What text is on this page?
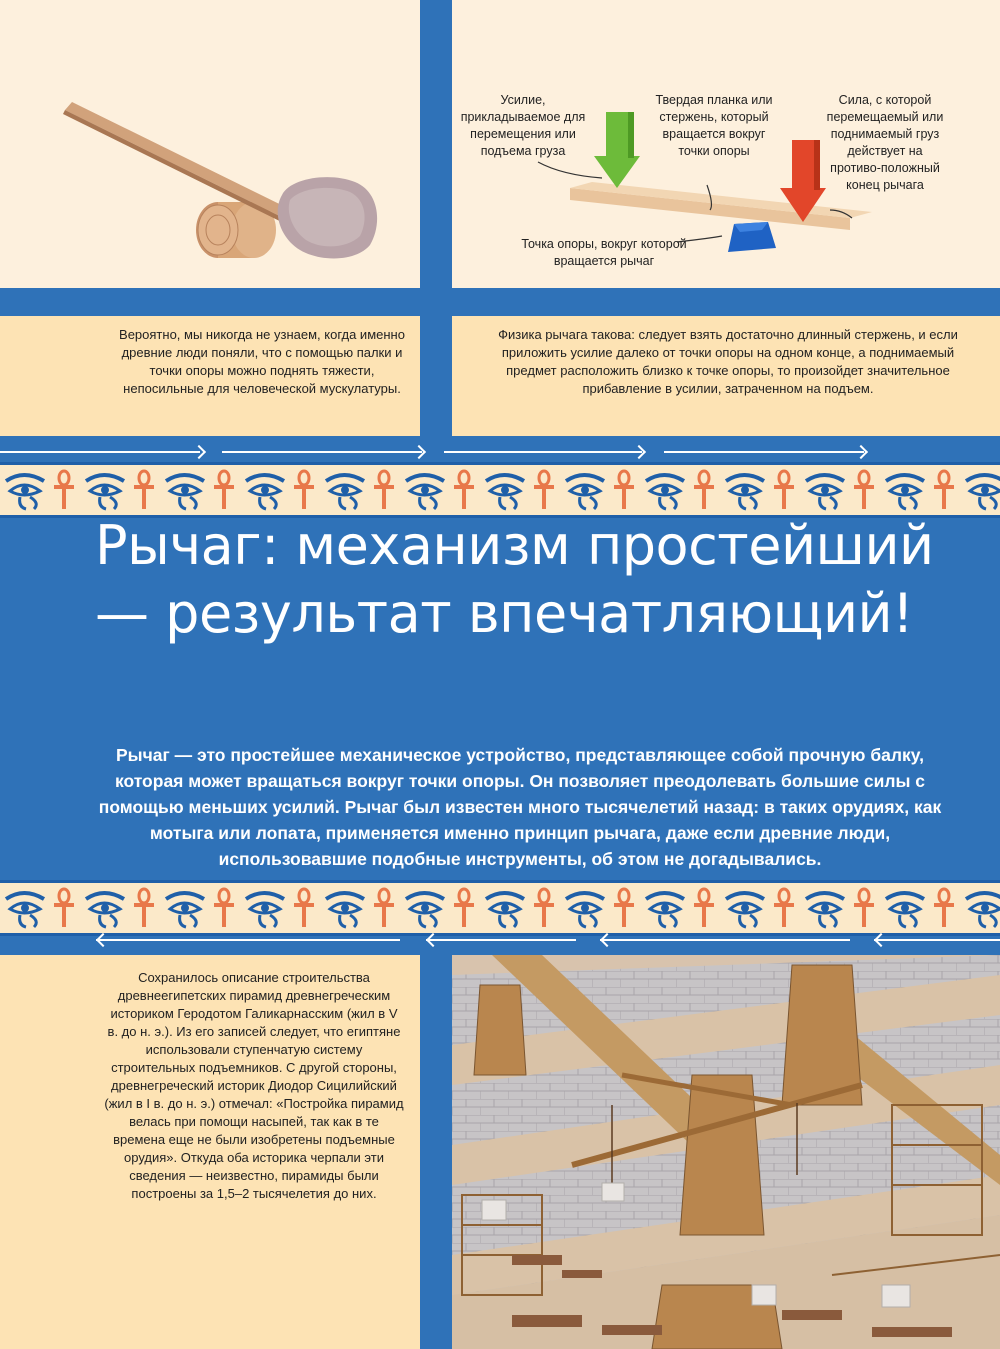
Усилие, прикладываемое для перемещения или подъема груза
Твердая планка или стержень, который вращается вокруг точки опоры
Сила, с которой перемещаемый или поднимаемый груз действует на противо-положный конец рычага
Точка опоры, вокруг которой вращается рычаг
Вероятно, мы никогда не узнаем, когда именно древние люди поняли, что с помощью палки и точки опоры можно поднять тяжести, непосильные для человеческой мускулатуры.
Физика рычага такова: следует взять достаточно длинный стержень, и если приложить усилие далеко от точки опоры на одном конце, а поднимаемый предмет расположить близко к точке опоры, то произойдет значительное прибавление в усилии, затраченном на подъем.
Рычаг: механизм простейший — результат впечатляющий!
Рычаг — это простейшее механическое устройство, представляющее собой прочную балку, которая может вращаться вокруг точки опоры. Он позволяет преодолевать большие силы с помощью меньших усилий. Рычаг был известен много тысячелетий назад: в таких орудиях, как мотыга или лопата, применяется именно принцип рычага, даже если древние люди, использовавшие подобные инструменты, об этом не догадывались.
Сохранилось описание строительства древнеегипетских пирамид древнегреческим историком Геродотом Галикарнасским (жил в V в. до н. э.). Из его записей следует, что египтяне использовали ступенчатую систему строительных подъемников. С другой стороны, древнегреческий историк Диодор Сицилийский (жил в I в. до н. э.) отмечал: «Постройка пирамид велась при помощи насыпей, так как в те времена еще не были изобретены подъемные орудия». Откуда оба историка черпали эти сведения — неизвестно, пирамиды были построены за 1,5–2 тысячелетия до них.
